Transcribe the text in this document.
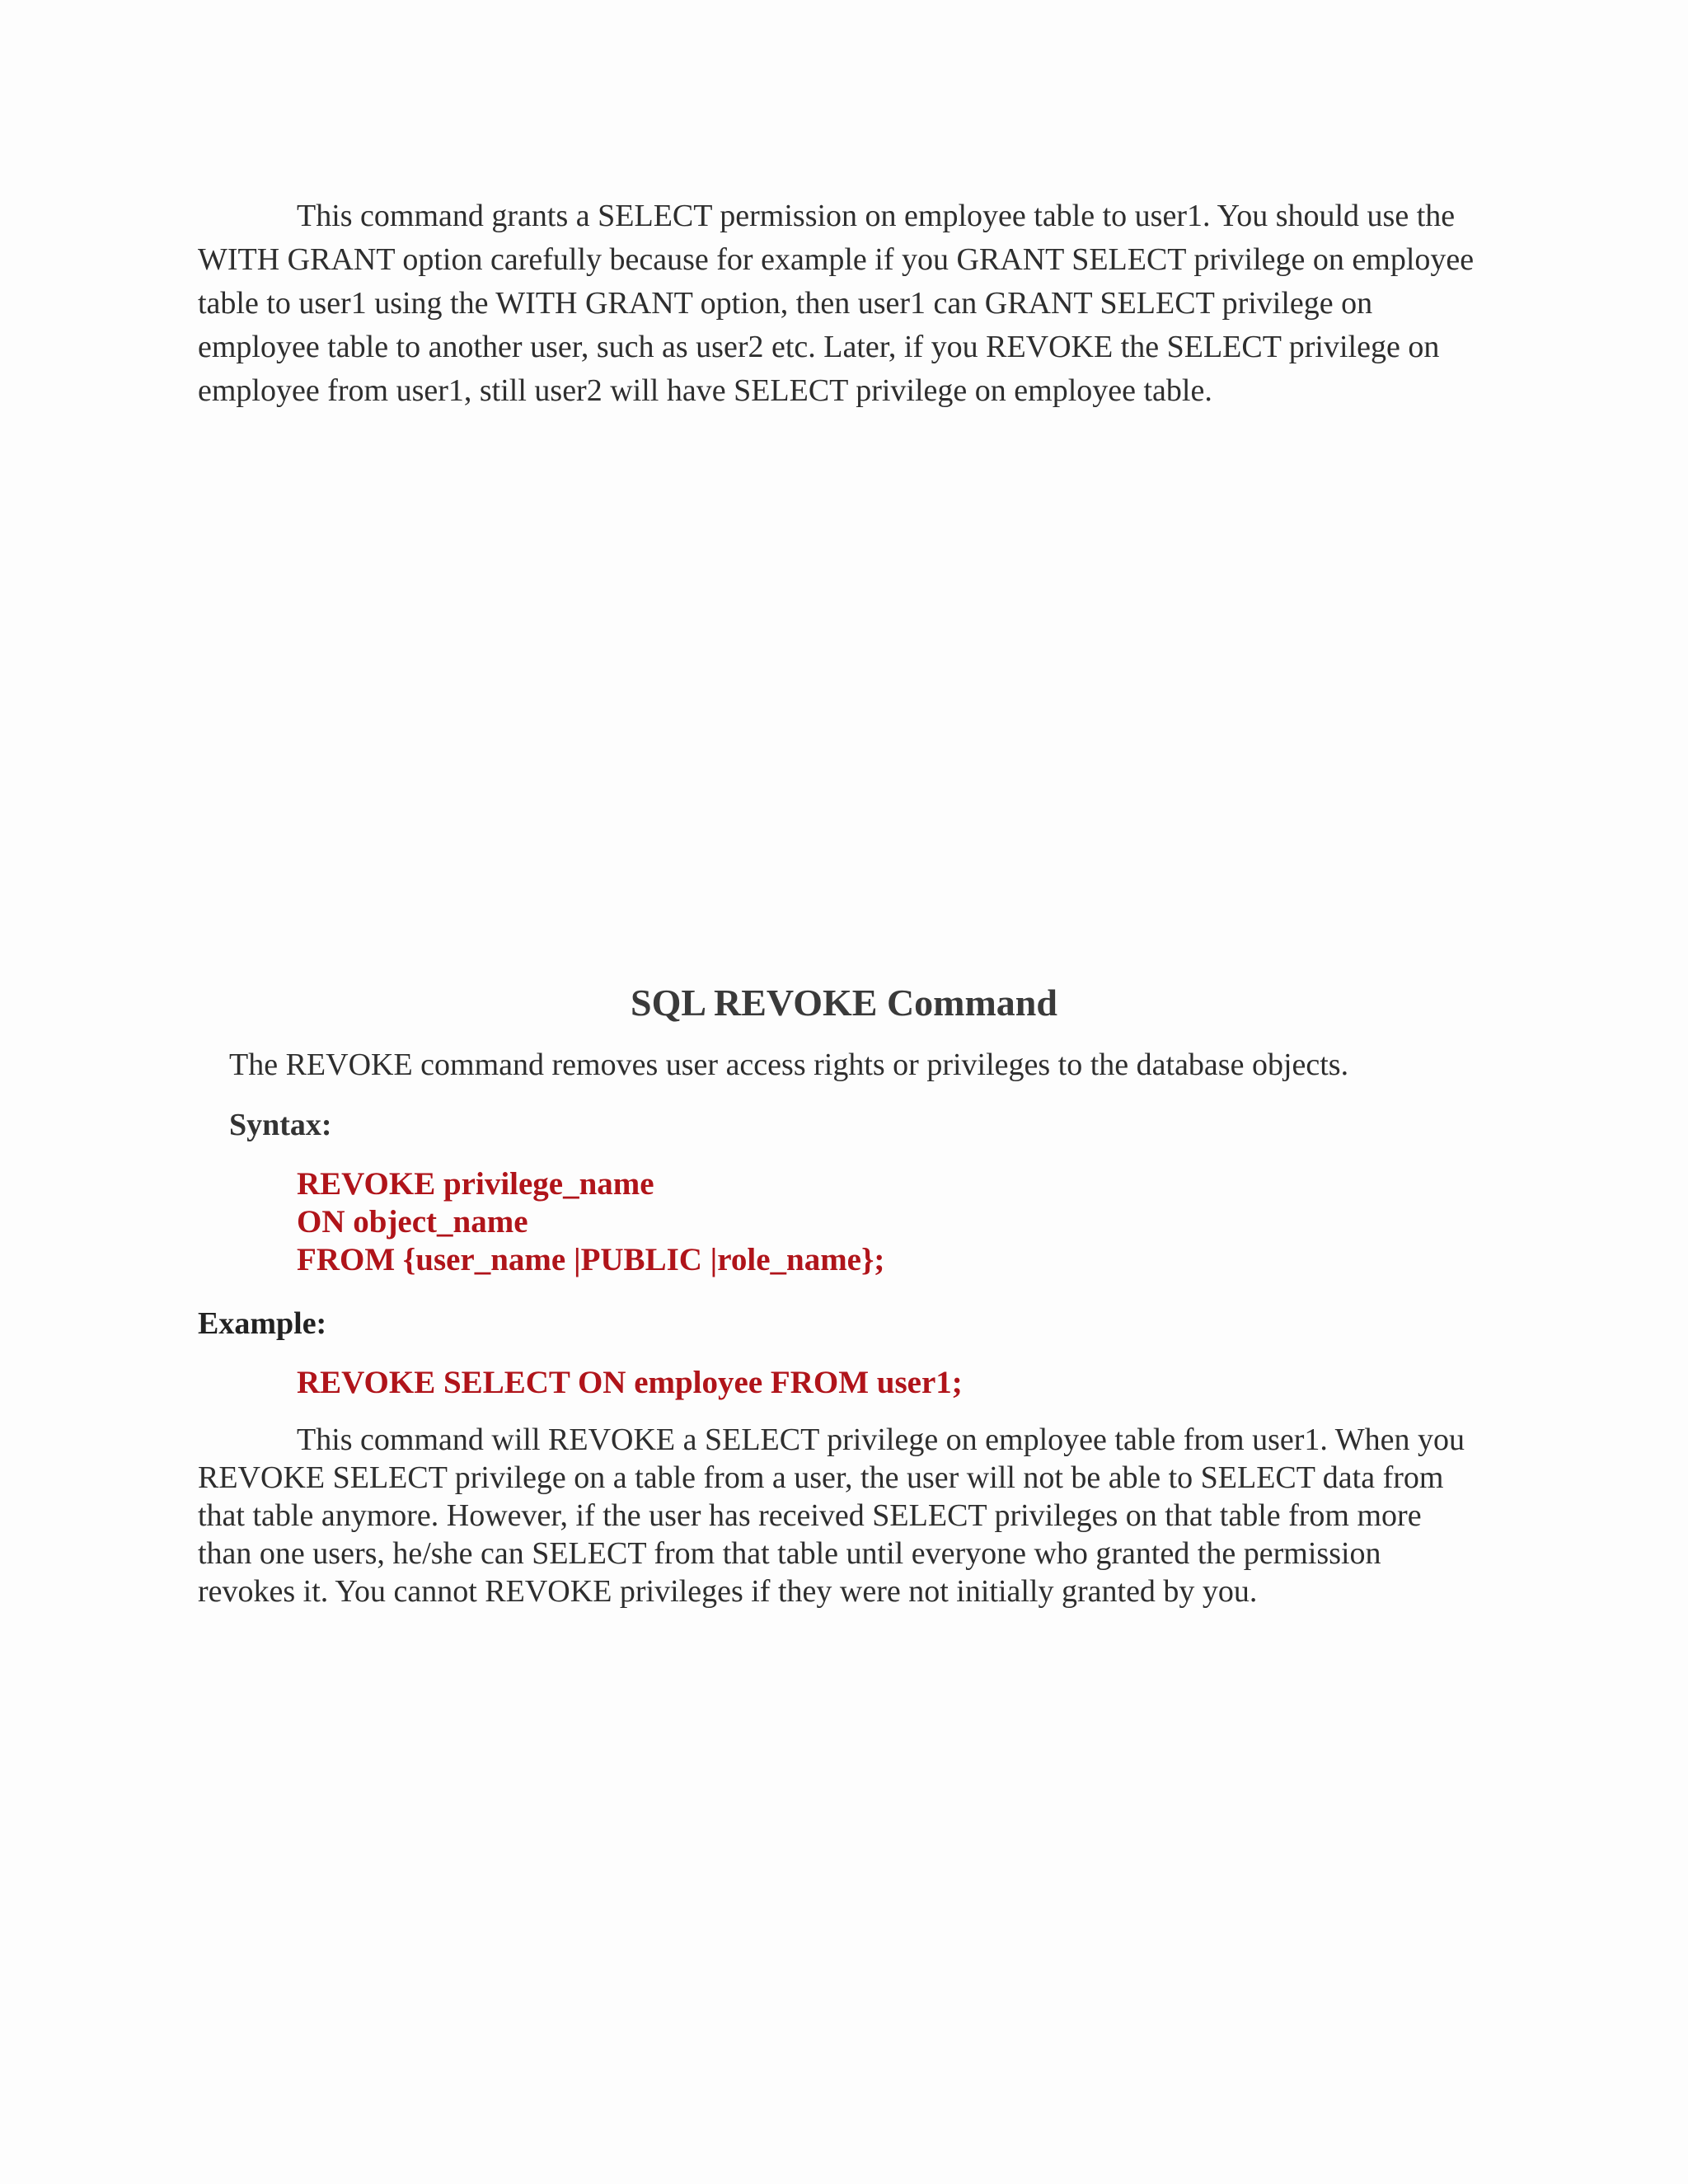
This command grants a SELECT permission on employee table to user1. You should use the WITH GRANT option carefully because for example if you GRANT SELECT privilege on employee table to user1 using the WITH GRANT option, then user1 can GRANT SELECT privilege on employee table to another user, such as user2 etc. Later, if you REVOKE the SELECT privilege on employee from user1, still user2 will have SELECT privilege on employee table.

SQL REVOKE Command

The REVOKE command removes user access rights or privileges to the database objects.

Syntax:

REVOKE privilege_name
ON object_name
FROM {user_name |PUBLIC |role_name};

Example:

REVOKE SELECT ON employee FROM user1;

This command will REVOKE a SELECT privilege on employee table from user1. When you REVOKE SELECT privilege on a table from a user, the user will not be able to SELECT data from that table anymore. However, if the user has received SELECT privileges on that table from more than one users, he/she can SELECT from that table until everyone who granted the permission revokes it. You cannot REVOKE privileges if they were not initially granted by you.
